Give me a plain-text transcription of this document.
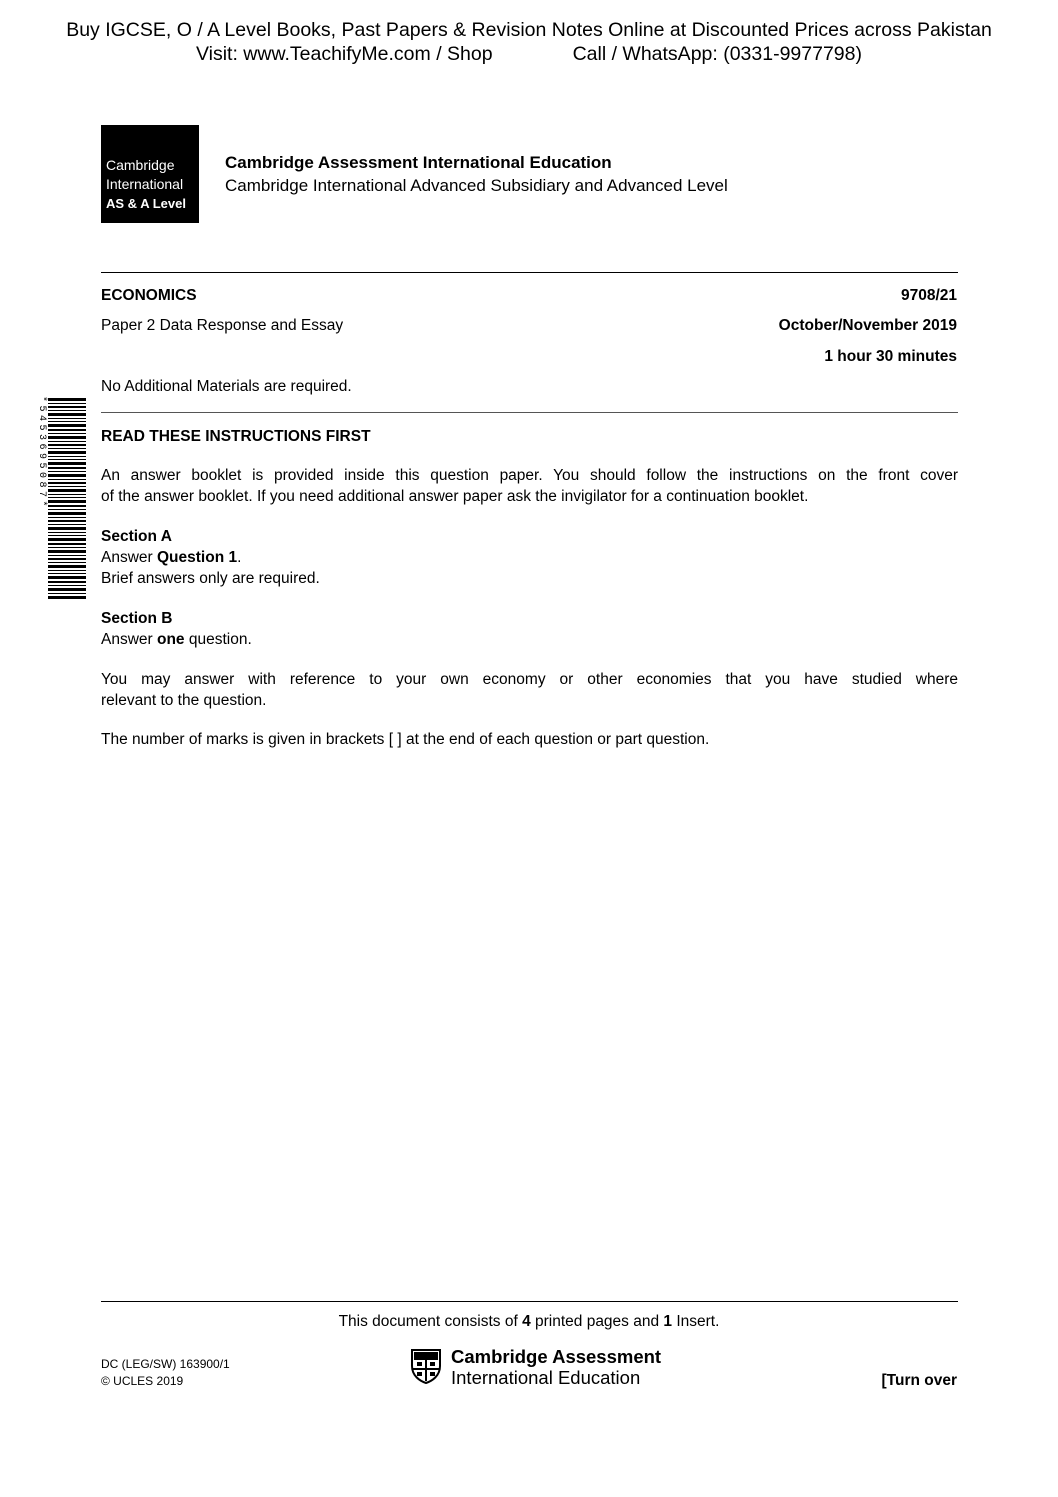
Buy IGCSE, O / A Level Books, Past Papers & Revision Notes Online at Discounted Prices across Pakistan
Visit: www.TeachifyMe.com / Shop	Call / WhatsApp: (0331-9977798)
Cambridge
International
AS & A Level
Cambridge Assessment International Education
Cambridge International Advanced Subsidiary and Advanced Level
ECONOMICS	9708/21
Paper 2 Data Response and Essay	October/November 2019
1 hour 30 minutes
No Additional Materials are required.
*5453695087*	READ THESE INSTRUCTIONS FIRST
An answer booklet is provided inside this question paper. You should follow the instructions on the front cover
of the answer booklet. If you need additional answer paper ask the invigilator for a continuation booklet.
Section A
Answer Question 1.
Brief answers only are required.
Section B
Answer one question.
You may answer with reference to your own economy or other economies that you have studied where
relevant to the question.
The number of marks is given in brackets [ ] at the end of each question or part question.
This document consists of 4 printed pages and 1 Insert.
DC (LEG/SW) 163900/1
© UCLES 2019
Cambridge Assessment
International Education	[Turn over
